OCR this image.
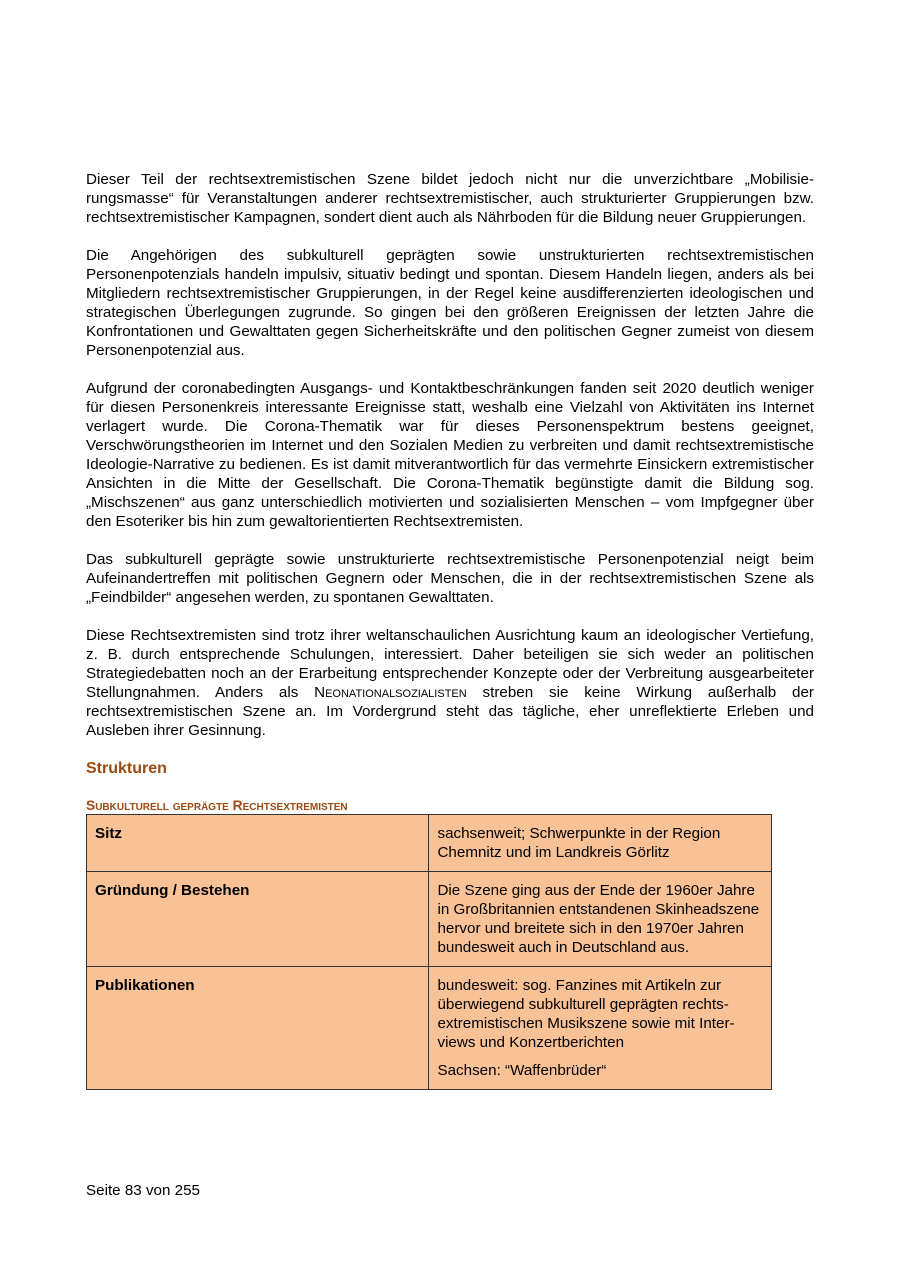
Dieser Teil der rechtsextremistischen Szene bildet jedoch nicht nur die unverzichtbare „Mobilisierungsmasse“ für Veranstaltungen anderer rechtsextremistischer, auch strukturierter Gruppierungen bzw. rechtsextremistischer Kampagnen, sondert dient auch als Nährboden für die Bildung neuer Gruppierungen.

Die Angehörigen des subkulturell geprägten sowie unstrukturierten rechtsextremistischen Personenpotenzials handeln impulsiv, situativ bedingt und spontan. Diesem Handeln liegen, anders als bei Mitgliedern rechtsextremistischer Gruppierungen, in der Regel keine ausdifferenzierten ideologischen und strategischen Überlegungen zugrunde. So gingen bei den größeren Ereignissen der letzten Jahre die Konfrontationen und Gewalttaten gegen Sicherheitskräfte und den politischen Gegner zumeist von diesem Personenpotenzial aus.

Aufgrund der coronabedingten Ausgangs- und Kontaktbeschränkungen fanden seit 2020 deutlich weniger für diesen Personenkreis interessante Ereignisse statt, weshalb eine Vielzahl von Aktivitäten ins Internet verlagert wurde. Die Corona-Thematik war für dieses Personenspektrum bestens geeignet, Verschwörungstheorien im Internet und den Sozialen Medien zu verbreiten und damit rechtsextremistische Ideologie-Narrative zu bedienen. Es ist damit mitverantwortlich für das vermehrte Einsickern extremistischer Ansichten in die Mitte der Gesellschaft. Die Corona-Thematik begünstigte damit die Bildung sog. „Mischszenen“ aus ganz unterschiedlich motivierten und sozialisierten Menschen – vom Impfgegner über den Esoteriker bis hin zum gewaltorientierten Rechtsextremisten.

Das subkulturell geprägte sowie unstrukturierte rechtsextremistische Personenpotenzial neigt beim Aufeinandertreffen mit politischen Gegnern oder Menschen, die in der rechtsextremistischen Szene als „Feindbilder“ angesehen werden, zu spontanen Gewalttaten.

Diese Rechtsextremisten sind trotz ihrer weltanschaulichen Ausrichtung kaum an ideologischer Vertiefung, z. B. durch entsprechende Schulungen, interessiert. Daher beteiligen sie sich weder an politischen Strategiedebatten noch an der Erarbeitung entsprechender Konzepte oder der Verbreitung ausgearbeiteter Stellungnahmen. Anders als Neonationalsozialisten streben sie keine Wirkung außerhalb der rechtsextremistischen Szene an. Im Vordergrund steht das tägliche, eher unreflektierte Erleben und Ausleben ihrer Gesinnung.

Strukturen
Subkulturell geprägte Rechtsextremisten
Sitz	sachsenweit; Schwerpunkte in der Region Chemnitz und im Landkreis Görlitz

Gründung / Bestehen	Die Szene ging aus der Ende der 1960er Jahre in Großbritannien entstandenen Skinheadszene hervor und breitete sich in den 1970er Jahren bundesweit auch in Deutschland aus.

Publikationen	bundesweit: sog. Fanzines mit Artikeln zur überwiegend subkulturell geprägten rechtsextremistischen Musikszene sowie mit Interviews und Konzertberichten

Sachsen: “Waffenbrüder“

Seite 83 von 255
